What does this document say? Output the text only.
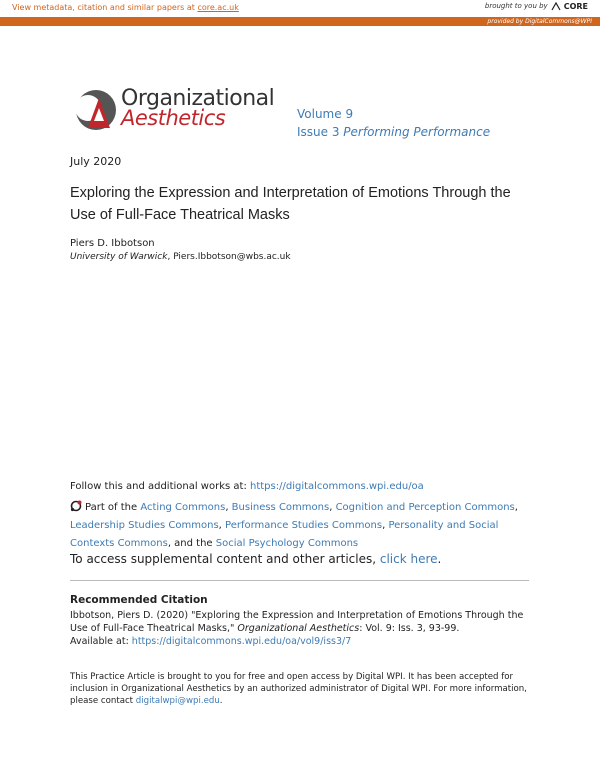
View metadata, citation and similar papers at core.ac.uk	brought to you by CORE
provided by DigitalCommons@WPI
Organizational
Aesthetics	Volume 9
Issue 3 Performing Performance
July 2020
Exploring the Expression and Interpretation of Emotions Through the Use of Full-Face Theatrical Masks
Piers D. Ibbotson
University of Warwick, Piers.Ibbotson@wbs.ac.uk
Follow this and additional works at: https://digitalcommons.wpi.edu/oa
Part of the Acting Commons, Business Commons, Cognition and Perception Commons, Leadership Studies Commons, Performance Studies Commons, Personality and Social Contexts Commons, and the Social Psychology Commons
To access supplemental content and other articles, click here.
Recommended Citation
Ibbotson, Piers D. (2020) "Exploring the Expression and Interpretation of Emotions Through the Use of Full-Face Theatrical Masks," Organizational Aesthetics: Vol. 9: Iss. 3, 93-99.
Available at: https://digitalcommons.wpi.edu/oa/vol9/iss3/7
This Practice Article is brought to you for free and open access by Digital WPI. It has been accepted for inclusion in Organizational Aesthetics by an authorized administrator of Digital WPI. For more information, please contact digitalwpi@wpi.edu.
